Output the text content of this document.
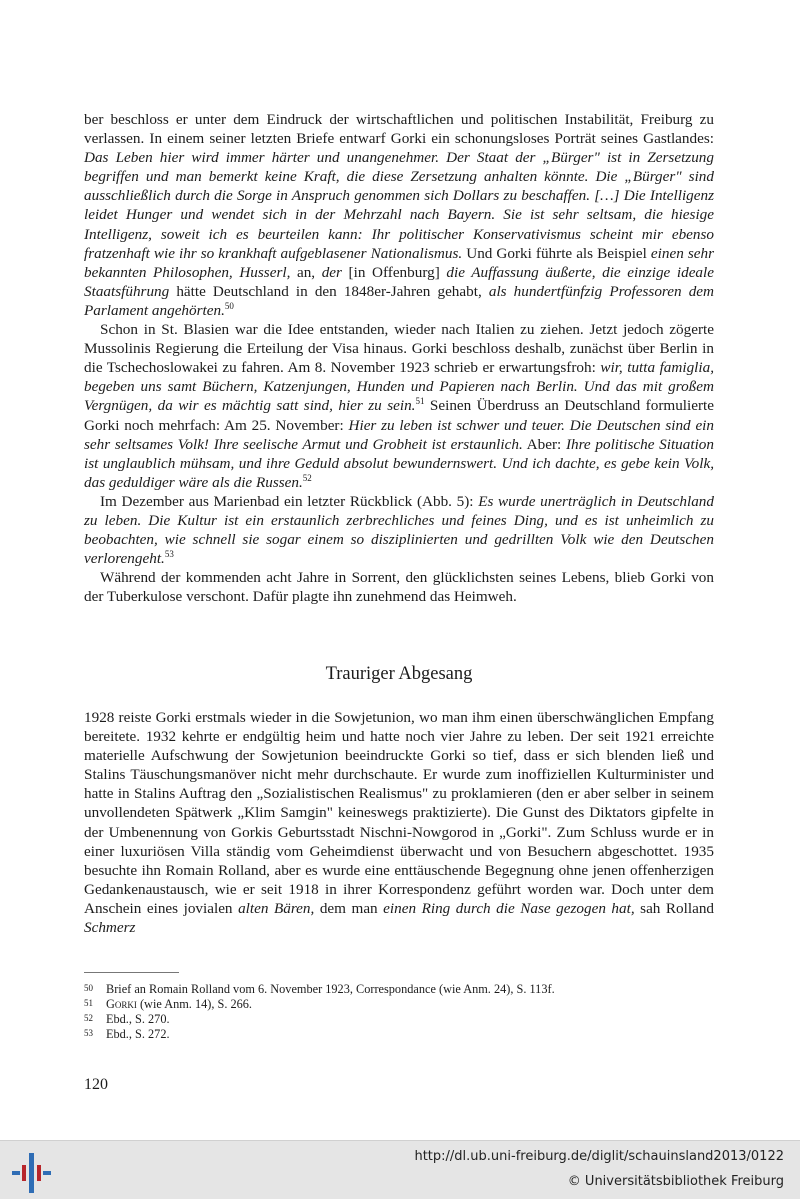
ber beschloss er unter dem Eindruck der wirtschaftlichen und politischen Instabilität, Freiburg zu verlassen. In einem seiner letzten Briefe entwarf Gorki ein schonungsloses Porträt seines Gastlandes: Das Leben hier wird immer härter und unangenehmer. Der Staat der „Bürger" ist in Zersetzung begriffen und man bemerkt keine Kraft, die diese Zersetzung anhalten könnte. Die „Bürger" sind ausschließlich durch die Sorge in Anspruch genommen sich Dollars zu beschaffen. […] Die Intelligenz leidet Hunger und wendet sich in der Mehrzahl nach Bayern. Sie ist sehr seltsam, die hiesige Intelligenz, soweit ich es beurteilen kann: Ihr politischer Konservativismus scheint mir ebenso fratzenhaft wie ihr so krankhaft aufgeblasener Nationalismus. Und Gorki führte als Beispiel einen sehr bekannten Philosophen, Husserl, an, der [in Offenburg] die Auffassung äußerte, die einzige ideale Staatsführung hätte Deutschland in den 1848er-Jahren gehabt, als hundertfünfzig Professoren dem Parlament angehörten.$^{50}$

Schon in St. Blasien war die Idee entstanden, wieder nach Italien zu ziehen. Jetzt jedoch zögerte Mussolinis Regierung die Erteilung der Visa hinaus. Gorki beschloss deshalb, zunächst über Berlin in die Tschechoslowakei zu fahren. Am 8. November 1923 schrieb er erwartungsfroh: wir, tutta famiglia, begeben uns samt Büchern, Katzenjungen, Hunden und Papieren nach Berlin. Und das mit großem Vergnügen, da wir es mächtig satt sind, hier zu sein.$^{51}$ Seinen Überdruss an Deutschland formulierte Gorki noch mehrfach: Am 25. November: Hier zu leben ist schwer und teuer. Die Deutschen sind ein sehr seltsames Volk! Ihre seelische Armut und Grobheit ist erstaunlich. Aber: Ihre politische Situation ist unglaublich mühsam, und ihre Geduld absolut bewundernswert. Und ich dachte, es gebe kein Volk, das geduldiger wäre als die Russen.$^{52}$

Im Dezember aus Marienbad ein letzter Rückblick (Abb. 5): Es wurde unerträglich in Deutschland zu leben. Die Kultur ist ein erstaunlich zerbrechliches und feines Ding, und es ist unheimlich zu beobachten, wie schnell sie sogar einem so disziplinierten und gedrillten Volk wie den Deutschen verlorengeht.$^{53}$

Während der kommenden acht Jahre in Sorrent, den glücklichsten seines Lebens, blieb Gorki von der Tuberkulose verschont. Dafür plagte ihn zunehmend das Heimweh.

Trauriger Abgesang

1928 reiste Gorki erstmals wieder in die Sowjetunion, wo man ihm einen überschwänglichen Empfang bereitete. 1932 kehrte er endgültig heim und hatte noch vier Jahre zu leben. Der seit 1921 erreichte materielle Aufschwung der Sowjetunion beeindruckte Gorki so tief, dass er sich blenden ließ und Stalins Täuschungsmanöver nicht mehr durchschaute. Er wurde zum inoffiziellen Kulturminister und hatte in Stalins Auftrag den „Sozialistischen Realismus" zu proklamieren (den er aber selber in seinem unvollendeten Spätwerk „Klim Samgin" keineswegs praktizierte). Die Gunst des Diktators gipfelte in der Umbenennung von Gorkis Geburtsstadt Nischni-Nowgorod in „Gorki". Zum Schluss wurde er in einer luxuriösen Villa ständig vom Geheimdienst überwacht und von Besuchern abgeschottet. 1935 besuchte ihn Romain Rolland, aber es wurde eine enttäuschende Begegnung ohne jenen offenherzigen Gedankenaustausch, wie er seit 1918 in ihrer Korrespondenz geführt worden war. Doch unter dem Anschein eines jovialen alten Bären, dem man einen Ring durch die Nase gezogen hat, sah Rolland Schmerz

50	Brief an Romain Rolland vom 6. November 1923, Correspondance (wie Anm. 24), S. 113f.
51	Gorki (wie Anm. 14), S. 266.
52	Ebd., S. 270.
53	Ebd., S. 272.
120
http://dl.ub.uni-freiburg.de/diglit/schauinsland2013/0122
© Universitätsbibliothek Freiburg
